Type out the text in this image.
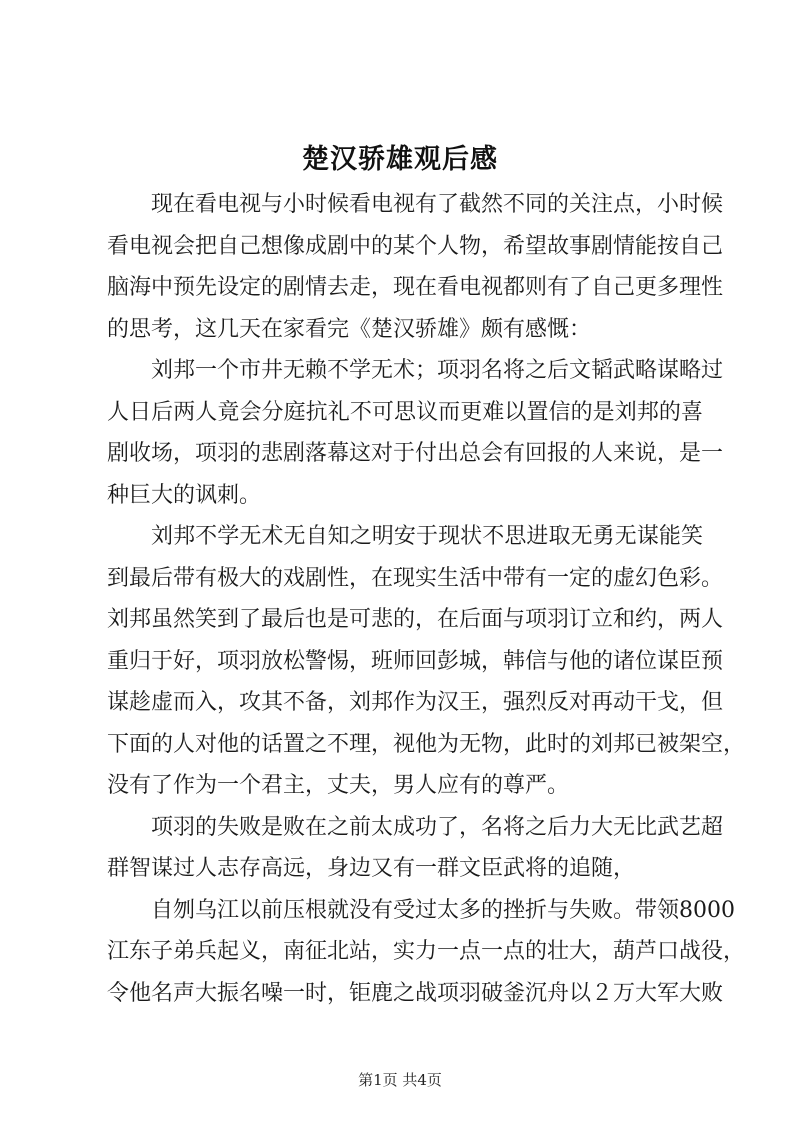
楚汉骄雄观后感
现在看电视与小时候看电视有了截然不同的关注点，小时候
看电视会把自己想像成剧中的某个人物，希望故事剧情能按自己
脑海中预先设定的剧情去走，现在看电视都则有了自己更多理性
的思考，这几天在家看完《楚汉骄雄》颇有感慨：
刘邦一个市井无赖不学无术；项羽名将之后文韬武略谋略过
人日后两人竟会分庭抗礼不可思议而更难以置信的是刘邦的喜
剧收场，项羽的悲剧落幕这对于付出总会有回报的人来说，是一
种巨大的讽刺。
刘邦不学无术无自知之明安于现状不思进取无勇无谋能笑
到最后带有极大的戏剧性，在现实生活中带有一定的虚幻色彩。
刘邦虽然笑到了最后也是可悲的，在后面与项羽订立和约，两人
重归于好，项羽放松警惕，班师回彭城，韩信与他的诸位谋臣预
谋趁虚而入，攻其不备，刘邦作为汉王，强烈反对再动干戈，但
下面的人对他的话置之不理，视他为无物，此时的刘邦已被架空，
没有了作为一个君主，丈夫，男人应有的尊严。
项羽的失败是败在之前太成功了，名将之后力大无比武艺超
群智谋过人志存高远，身边又有一群文臣武将的追随，
自刎乌江以前压根就没有受过太多的挫折与失败。带领8000
江东子弟兵起义，南征北站，实力一点一点的壮大，葫芦口战役，
令他名声大振名噪一时，钜鹿之战项羽破釜沉舟以２万大军大败
第1页 共4页
